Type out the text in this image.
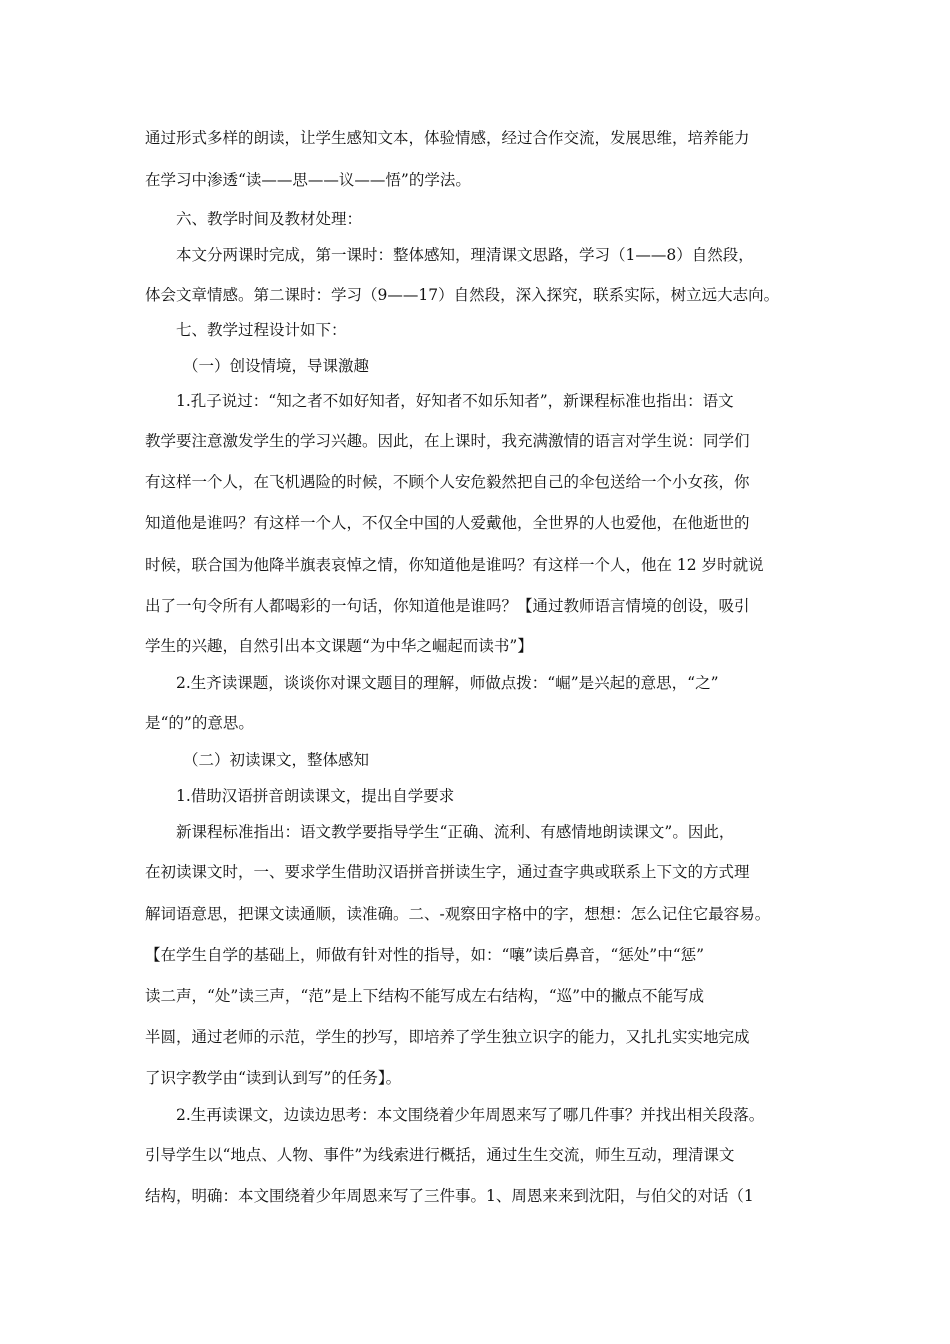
通过形式多样的朗读，让学生感知文本，体验情感，经过合作交流，发展思维，培养能力
在学习中渗透“读——思——议——悟”的学法。
六、教学时间及教材处理：
本文分两课时完成，第一课时：整体感知，理清课文思路，学习（1——8）自然段，
体会文章情感。第二课时：学习（9——17）自然段，深入探究，联系实际，树立远大志向。
七、教学过程设计如下：
（一）创设情境，导课激趣
1.孔子说过：“知之者不如好知者，好知者不如乐知者”，新课程标准也指出：语文
教学要注意激发学生的学习兴趣。因此，在上课时，我充满激情的语言对学生说：同学们
有这样一个人，在飞机遇险的时候，不顾个人安危毅然把自己的伞包送给一个小女孩，你
知道他是谁吗？有这样一个人，不仅全中国的人爱戴他，全世界的人也爱他，在他逝世的
时候，联合国为他降半旗表哀悼之情，你知道他是谁吗？有这样一个人，他在 12 岁时就说
出了一句令所有人都喝彩的一句话，你知道他是谁吗？【通过教师语言情境的创设，吸引
学生的兴趣，自然引出本文课题“为中华之崛起而读书”】
2.生齐读课题，谈谈你对课文题目的理解，师做点拨：“崛”是兴起的意思，“之”
是“的”的意思。
（二）初读课文，整体感知
1.借助汉语拼音朗读课文，提出自学要求
新课程标准指出：语文教学要指导学生“正确、流利、有感情地朗读课文”。因此，
在初读课文时，一、要求学生借助汉语拼音拼读生字，通过查字典或联系上下文的方式理
解词语意思，把课文读通顺，读准确。二、-观察田字格中的字，想想：怎么记住它最容易。
【在学生自学的基础上，师做有针对性的指导，如：“嚷”读后鼻音，“惩处”中“惩”
读二声，“处”读三声，“范”是上下结构不能写成左右结构，“巡”中的撇点不能写成
半圆，通过老师的示范，学生的抄写，即培养了学生独立识字的能力，又扎扎实实地完成
了识字教学由“读到认到写”的任务】。
2.生再读课文，边读边思考：本文围绕着少年周恩来写了哪几件事？并找出相关段落。
引导学生以“地点、人物、事件”为线索进行概括，通过生生交流，师生互动，理清课文
结构，明确：本文围绕着少年周恩来写了三件事。1、周恩来来到沈阳，与伯父的对话（1
